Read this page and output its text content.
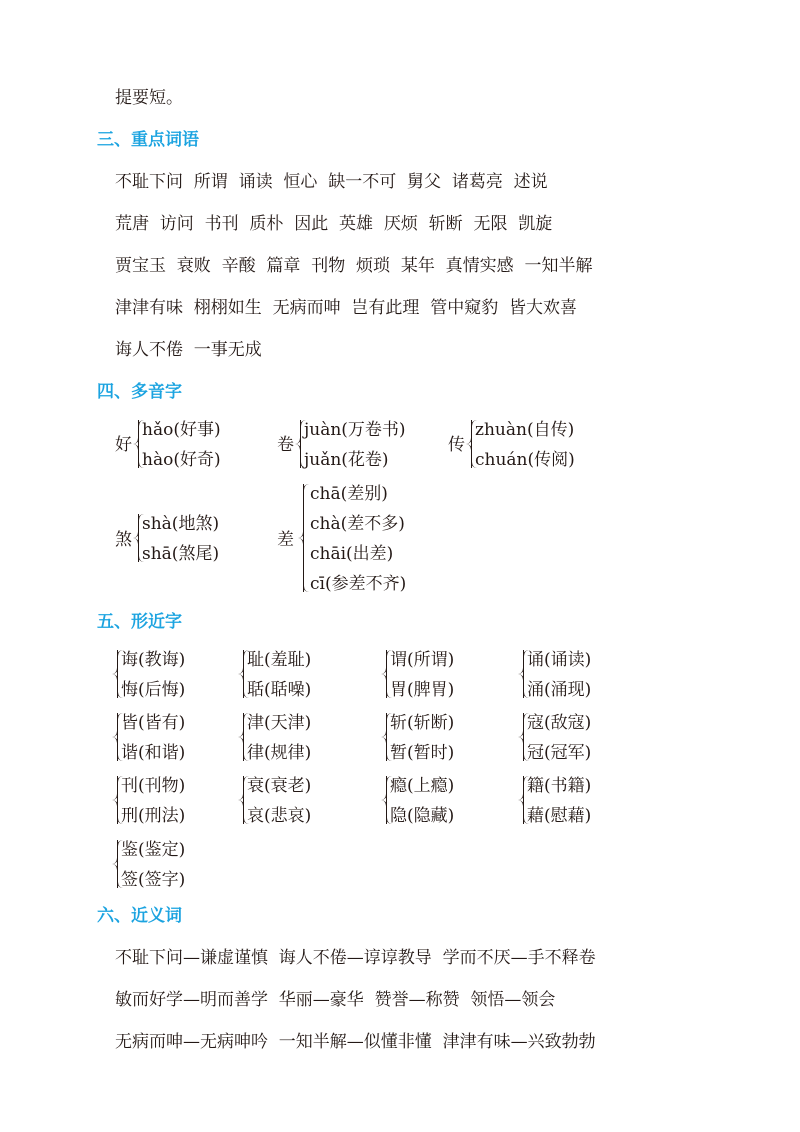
提要短。
三、重点词语
不耻下问  所谓  诵读  恒心  缺一不可  舅父  诸葛亮  述说
荒唐  访问  书刊  质朴  因此  英雄  厌烦  斩断  无限  凯旋
贾宝玉  衰败  辛酸  篇章  刊物  烦琐  某年  真情实感  一知半解
津津有味  栩栩如生  无病而呻  岂有此理  管中窥豹  皆大欢喜
诲人不倦  一事无成
四、多音字
好
hǎo(好事)
hào(好奇)
卷
juàn(万卷书)
juǎn(花卷)
传
zhuàn(自传)
chuán(传阅)
煞
shà(地煞)
shā(煞尾)
差
chā(差别)
chà(差不多)
chāi(出差)
cī(参差不齐)
五、形近字
诲(教诲)
悔(后悔)
耻(羞耻)
聒(聒噪)
谓(所谓)
胃(脾胃)
诵(诵读)
涌(涌现)
皆(皆有)
谐(和谐)
津(天津)
律(规律)
斩(斩断)
暂(暂时)
寇(敌寇)
冠(冠军)
刊(刊物)
刑(刑法)
衰(衰老)
哀(悲哀)
瘾(上瘾)
隐(隐藏)
籍(书籍)
藉(慰藉)
鉴(鉴定)
签(签字)
六、近义词
不耻下问—谦虚谨慎  诲人不倦—谆谆教导  学而不厌—手不释卷
敏而好学—明而善学  华丽—豪华  赞誉—称赞  领悟—领会
无病而呻—无病呻吟  一知半解—似懂非懂  津津有味—兴致勃勃
